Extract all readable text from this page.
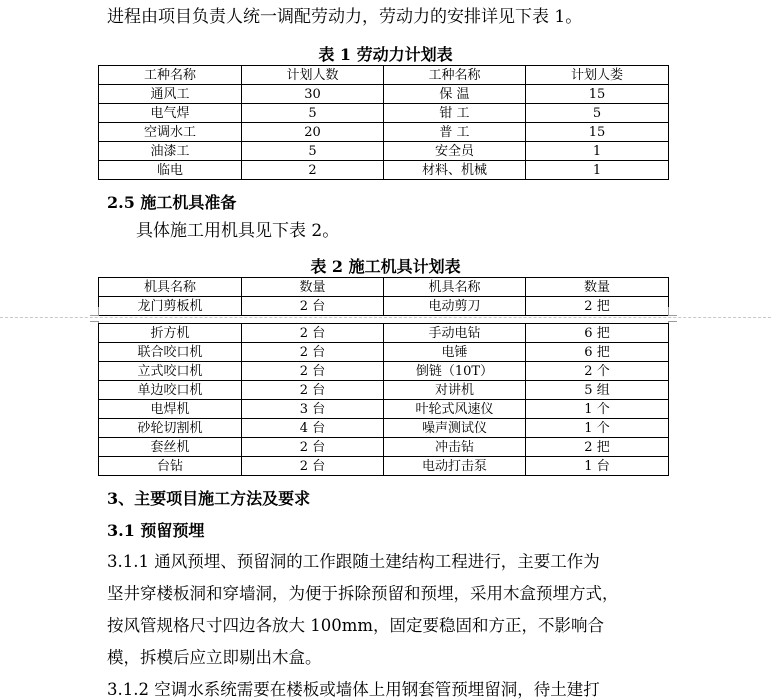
进程由项目负责人统一调配劳动力，劳动力的安排详见下表 1。
表 1 劳动力计划表
工种名称	计划人数	工种名称	计划人娄
通风工	30	保 温	15
电气焊	5	钳 工	5
空调水工	20	普 工	15
油漆工	5	安全员	1
临电	2	材料、机械	1
2.5 施工机具准备
具体施工用机具见下表 2。
表 2 施工机具计划表
机具名称	数量	机具名称	数量
龙门剪板机	2 台	电动剪刀	2 把
折方机	2 台	手动电钻	6 把
联合咬口机	2 台	电锤	6 把
立式咬口机	2 台	倒链（10T）	2 个
单边咬口机	2 台	对讲机	5 组
电焊机	3 台	叶轮式风速仪	1 个
砂轮切割机	4 台	噪声测试仪	1 个
套丝机	2 台	冲击钻	2 把
台钻	2 台	电动打击泵	1 台
3、主要项目施工方法及要求
3.1 预留预埋
3.1.1 通风预埋、预留洞的工作跟随土建结构工程进行，主要工作为
坚井穿楼板洞和穿墙洞，为便于拆除预留和预埋，采用木盒预埋方式，
按风管规格尺寸四边各放大 100mm，固定要稳固和方正，不影响合
模，拆模后应立即剔出木盒。
3.1.2 空调水系统需要在楼板或墙体上用钢套管预埋留洞，待土建打
